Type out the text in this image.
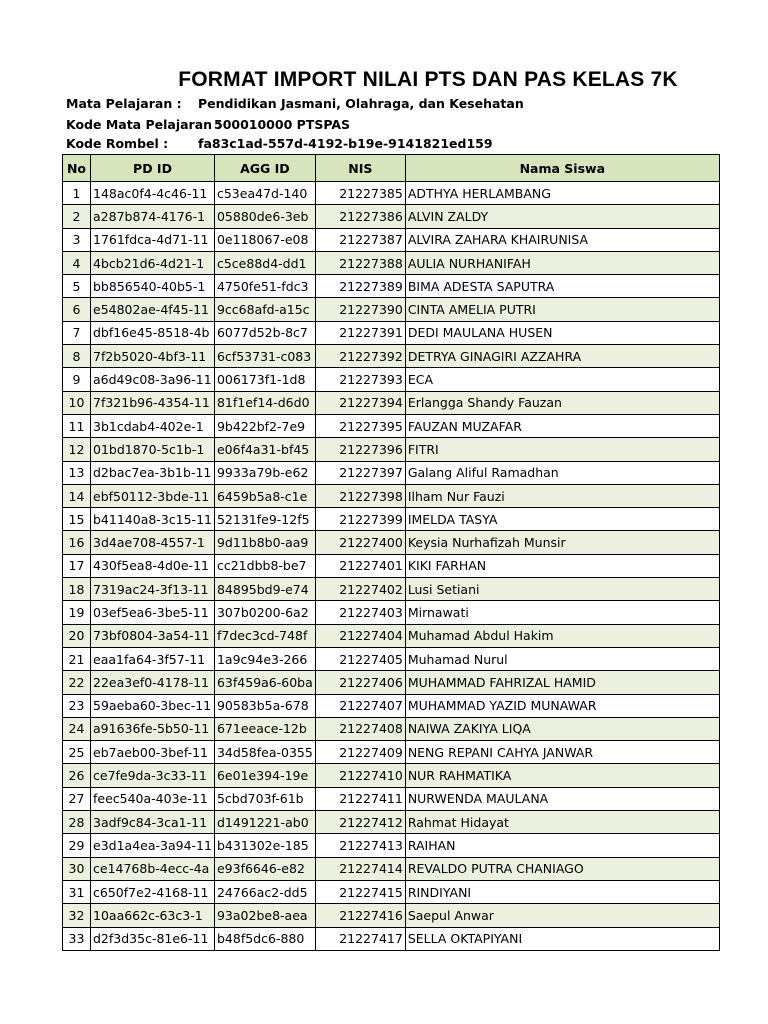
FORMAT IMPORT NILAI PTS DAN PAS KELAS 7K
Mata Pelajaran : Pendidikan Jasmani, Olahraga, dan Kesehatan
Kode Mata Pelajaran :
500010000 PTSPAS
Kode Rombel : fa83c1ad-557d-4192-b19e-9141821ed159
No	PD ID	AGG ID	NIS	Nama Siswa
1	148ac0f4-4c46-11	c53ea47d-140	21227385	ADTHYA HERLAMBANG
2	a287b874-4176-1	05880de6-3eb	21227386	ALVIN ZALDY
3	1761fdca-4d71-11	0e118067-e08	21227387	ALVIRA ZAHARA KHAIRUNISA
4	4bcb21d6-4d21-1	c5ce88d4-dd1	21227388	AULIA NURHANIFAH
5	bb856540-40b5-1	4750fe51-fdc3	21227389	BIMA ADESTA SAPUTRA
6	e54802ae-4f45-11	9cc68afd-a15c	21227390	CINTA AMELIA PUTRI
7	dbf16e45-8518-4b	6077d52b-8c7	21227391	DEDI MAULANA HUSEN
8	7f2b5020-4bf3-11	6cf53731-c083	21227392	DETRYA GINAGIRI AZZAHRA
9	a6d49c08-3a96-11	006173f1-1d8	21227393	ECA
10	7f321b96-4354-11	81f1ef14-d6d0	21227394	Erlangga Shandy Fauzan
11	3b1cdab4-402e-1	9b422bf2-7e9	21227395	FAUZAN MUZAFAR
12	01bd1870-5c1b-1	e06f4a31-bf45	21227396	FITRI
13	d2bac7ea-3b1b-11	9933a79b-e62	21227397	Galang Aliful Ramadhan
14	ebf50112-3bde-11	6459b5a8-c1e	21227398	Ilham Nur Fauzi
15	b41140a8-3c15-11	52131fe9-12f5	21227399	IMELDA TASYA
16	3d4ae708-4557-1	9d11b8b0-aa9	21227400	Keysia Nurhafizah Munsir
17	430f5ea8-4d0e-11	cc21dbb8-be7	21227401	KIKI FARHAN
18	7319ac24-3f13-11	84895bd9-e74	21227402	Lusi Setiani
19	03ef5ea6-3be5-11	307b0200-6a2	21227403	Mirnawati
20	73bf0804-3a54-11	f7dec3cd-748f	21227404	Muhamad Abdul Hakim
21	eaa1fa64-3f57-11	1a9c94e3-266	21227405	Muhamad Nurul
22	22ea3ef0-4178-11	63f459a6-60ba	21227406	MUHAMMAD FAHRIZAL HAMID
23	59aeba60-3bec-11	90583b5a-678	21227407	MUHAMMAD YAZID MUNAWAR
24	a91636fe-5b50-11	671eeace-12b	21227408	NAIWA ZAKIYA LIQA
25	eb7aeb00-3bef-11	34d58fea-0355	21227409	NENG REPANI CAHYA JANWAR
26	ce7fe9da-3c33-11	6e01e394-19e	21227410	NUR RAHMATIKA
27	feec540a-403e-11	5cbd703f-61b	21227411	NURWENDA MAULANA
28	3adf9c84-3ca1-11	d1491221-ab0	21227412	Rahmat Hidayat
29	e3d1a4ea-3a94-11	b431302e-185	21227413	RAIHAN
30	ce14768b-4ecc-4a	e93f6646-e82	21227414	REVALDO PUTRA CHANIAGO
31	c650f7e2-4168-11	24766ac2-dd5	21227415	RINDIYANI
32	10aa662c-63c3-1	93a02be8-aea	21227416	Saepul Anwar
33	d2f3d35c-81e6-11	b48f5dc6-880	21227417	SELLA OKTAPIYANI
